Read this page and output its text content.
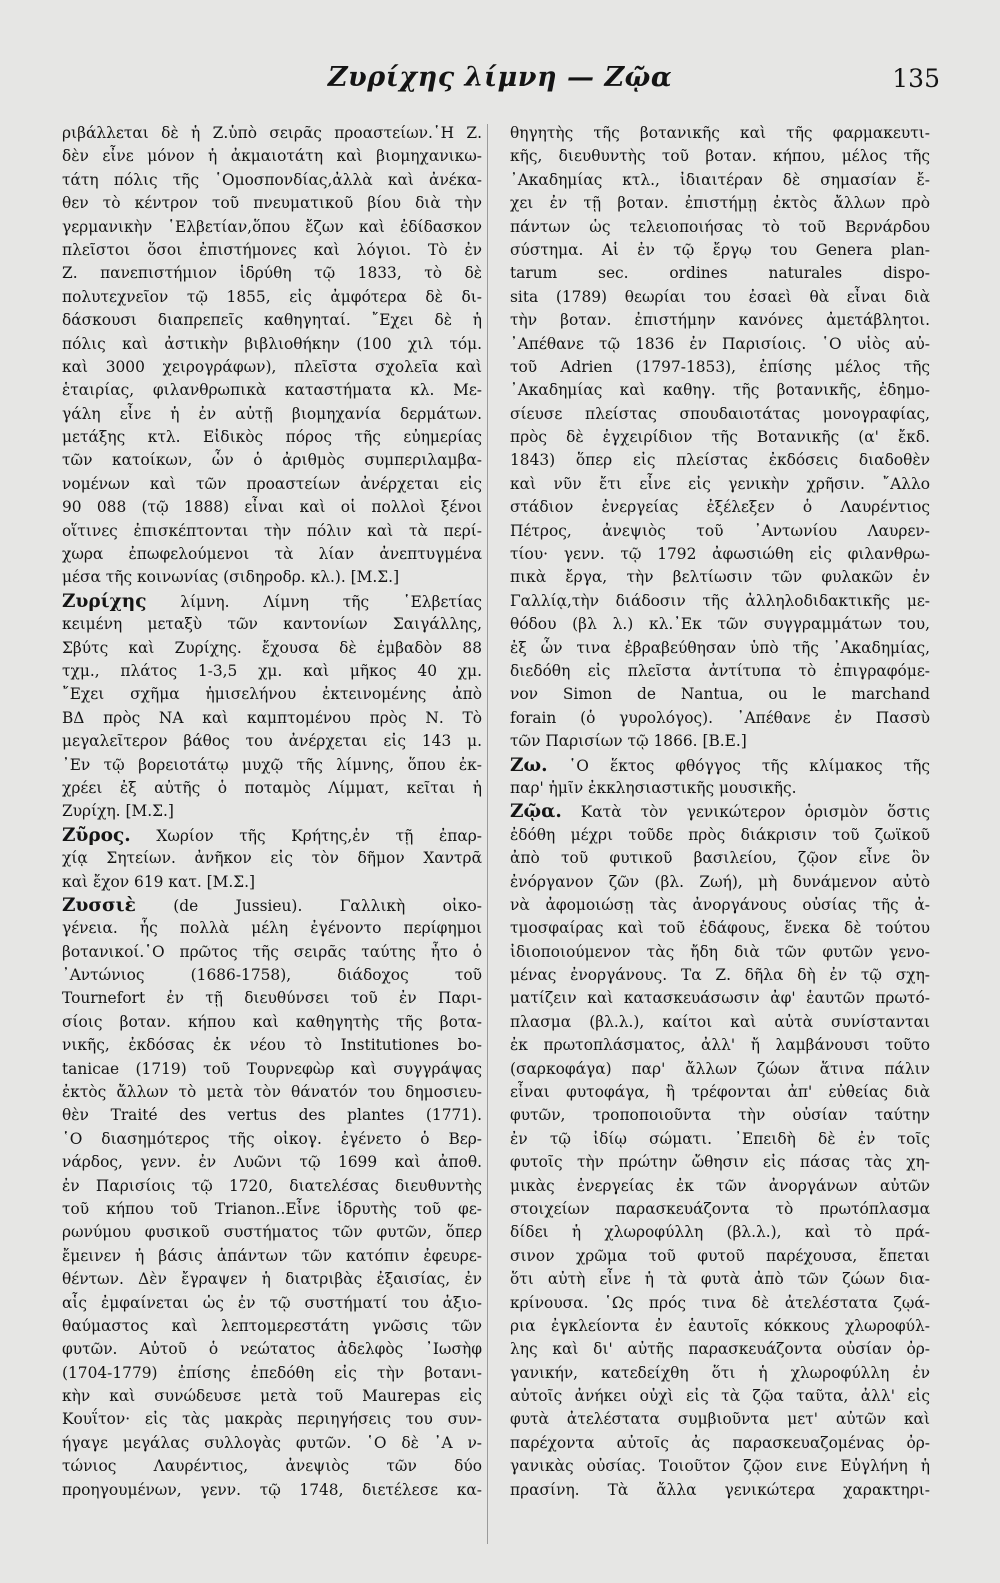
Ζυρίχης λίμνη — Ζῷα	135
ριβάλλεται δὲ ἡ Ζ.ὑπὸ σειρᾶς προαστείων.῾Η Ζ.
δὲν εἶνε μόνον ἡ ἀκμαιοτάτη καὶ βιομηχανικω-
τάτη πόλις τῆς ῾Ομοσπονδίας,ἀλλὰ καὶ ἀνέκα-
θεν τὸ κέντρον τοῦ πνευματικοῦ βίου διὰ τὴν
γερμανικὴν ῾Ελβετίαν,ὅπου ἔζων καὶ ἐδίδασκον
πλεῖστοι ὅσοι ἐπιστήμονες καὶ λόγιοι. Τὸ ἐν
Ζ. πανεπιστήμιον ἱδρύθη τῷ 1833, τὸ δὲ
πολυτεχνεῖον τῷ 1855, εἰς ἀμφότερα δὲ δι-
δάσκουσι διαπρεπεῖς καθηγηταί. ῎Εχει δὲ ἡ
πόλις καὶ ἀστικὴν βιβλιοθήκην (100 χιλ τόμ.
καὶ 3000 χειρογράφων), πλεῖστα σχολεῖα καὶ
ἑταιρίας, φιλανθρωπικὰ καταστήματα κλ. Με-
γάλη εἶνε ἡ ἐν αὐτῇ βιομηχανία δερμάτων.
μετάξης κτλ. Εἰδικὸς πόρος τῆς εὐημερίας
τῶν κατοίκων, ὧν ὁ ἀριθμὸς συμπεριλαμβα-
νομένων καὶ τῶν προαστείων ἀνέρχεται εἰς
90 088 (τῷ 1888) εἶναι καὶ οἱ πολλοὶ ξένοι
οἵτινες ἐπισκέπτονται τὴν πόλιν καὶ τὰ περί-
χωρα ἐπωφελούμενοι τὰ λίαν ἀνεπτυγμένα
μέσα τῆς κοινωνίας (σιδηροδρ. κλ.). [Μ.Σ.]
Ζυρίχης λίμνη. Λίμνη τῆς ῾Ελβετίας
κειμένη μεταξὺ τῶν καντονίων Σαιγάλλης,
Σβύτς καὶ Ζυρίχης. ἔχουσα δὲ ἐμβαδὸν 88
τχμ., πλάτος 1-3,5 χμ. καὶ μῆκος 40 χμ.
῎Εχει σχῆμα ἡμισελήνου ἐκτεινομένης ἀπὸ
ΒΔ πρὸς ΝΑ καὶ καμπτομένου πρὸς Ν. Τὸ
μεγαλεῖτερον βάθος του ἀνέρχεται εἰς 143 μ.
᾿Εν τῷ βορειοτάτῳ μυχῷ τῆς λίμνης, ὅπου ἐκ-
χρέει ἐξ αὐτῆς ὁ ποταμὸς Λίμματ, κεῖται ἡ
Ζυρίχη. [Μ.Σ.]
Ζῦρος. Χωρίον τῆς Κρήτης,ἐν τῇ ἐπαρ-
χίᾳ Σητείων. ἀνῆκον εἰς τὸν δῆμον Χαντρᾶ
καὶ ἔχον 619 κατ. [Μ.Σ.]
Ζυσσιὲ (de Jussieu). Γαλλικὴ οἰκο-
γένεια. ἧς πολλὰ μέλη ἐγένοντο περίφημοι
βοτανικοί.῾Ο πρῶτος τῆς σειρᾶς ταύτης ἦτο ὁ
᾿Αντώνιος (1686-1758), διάδοχος τοῦ
Tournefort ἐν τῇ διευθύνσει τοῦ ἐν Παρι-
σίοις βοταν. κήπου καὶ καθηγητὴς τῆς βοτα-
νικῆς, ἐκδόσας ἐκ νέου τὸ Institutiones bo-
tanicae (1719) τοῦ Τουρνεφὼρ καὶ συγγράψας
ἐκτὸς ἄλλων τὸ μετὰ τὸν θάνατόν του δημοσιευ-
θὲν Traité des vertus des plantes (1771).
῾Ο διασημότερος τῆς οἰκογ. ἐγένετο ὁ Βερ-
νάρδος, γενν. ἐν Λυῶνι τῷ 1699 καὶ ἀποθ.
ἐν Παρισίοις τῷ 1720, διατελέσας διευθυντὴς
τοῦ κήπου τοῦ Trianon..Εἶνε ἱδρυτὴς τοῦ φε-
ρωνύμου φυσικοῦ συστήματος τῶν φυτῶν, ὅπερ
ἔμεινεν ἡ βάσις ἁπάντων τῶν κατόπιν ἐφευρε-
θέντων. Δὲν ἔγραψεν ἡ διατριβὰς ἐξαισίας, ἐν
αἷς ἐμφαίνεται ὡς ἐν τῷ συστήματί του ἀξιο-
θαύμαστος καὶ λεπτομερεστάτη γνῶσις τῶν
φυτῶν. Αὐτοῦ ὁ νεώτατος ἀδελφὸς ᾿Ιωσὴφ
(1704-1779) ἐπίσης ἐπεδόθη εἰς τὴν βοτανι-
κὴν καὶ συνώδευσε μετὰ τοῦ Maurepas εἰς
Κουΐτον· εἰς τὰς μακρὰς περιηγήσεις του συν-
ήγαγε μεγάλας συλλογὰς φυτῶν. ῾Ο δὲ ᾿Α ν-
τώνιος Λαυρέντιος, ἀνεψιὸς τῶν δύο
προηγουμένων, γενν. τῷ 1748, διετέλεσε κα-
θηγητὴς τῆς βοτανικῆς καὶ τῆς φαρμακευτι-
κῆς, διευθυντὴς τοῦ βοταν. κήπου, μέλος τῆς
᾿Ακαδημίας κτλ., ἰδιαιτέραν δὲ σημασίαν ἔ-
χει ἐν τῇ βοταν. ἐπιστήμῃ ἐκτὸς ἄλλων πρὸ
πάντων ὡς τελειοποιήσας τὸ τοῦ Βερνάρδου
σύστημα. Αἱ ἐν τῷ ἔργῳ του Genera plan-
tarum sec. ordines naturales dispo-
sita (1789) θεωρίαι του ἐσαεὶ θὰ εἶναι διὰ
τὴν βοταν. ἐπιστήμην κανόνες ἀμετάβλητοι.
᾿Απέθανε τῷ 1836 ἐν Παρισίοις. ῾Ο υἱὸς αὐ-
τοῦ Adrien (1797-1853), ἐπίσης μέλος τῆς
᾿Ακαδημίας καὶ καθηγ. τῆς βοτανικῆς, ἐδημο-
σίευσε πλείστας σπουδαιοτάτας μονογραφίας,
πρὸς δὲ ἐγχειρίδιον τῆς Βοτανικῆς (α' ἔκδ.
1843) ὅπερ εἰς πλείστας ἐκδόσεις διαδοθὲν
καὶ νῦν ἔτι εἶνε εἰς γενικὴν χρῆσιν. ῎Αλλο
στάδιον ἐνεργείας ἐξέλεξεν ὁ Λαυρέντιος
Πέτρος, ἀνεψιὸς τοῦ ᾿Αντωνίου Λαυρεν-
τίου· γενν. τῷ 1792 ἀφωσιώθη εἰς φιλανθρω-
πικὰ ἔργα, τὴν βελτίωσιν τῶν φυλακῶν ἐν
Γαλλίᾳ,τὴν διάδοσιν τῆς ἀλληλοδιδακτικῆς με-
θόδου (βλ λ.) κλ.᾿Εκ τῶν συγγραμμάτων του,
ἐξ ὧν τινα ἐβραβεύθησαν ὑπὸ τῆς ᾿Ακαδημίας,
διεδόθη εἰς πλεῖστα ἀντίτυπα τὸ ἐπιγραφόμε-
νον Simon de Nantua, ou le marchand
forain (ὁ γυρολόγος). ᾿Απέθανε ἐν Πασσὺ
τῶν Παρισίων τῷ 1866. [Β.Ε.]
Ζω. ῾Ο ἕκτος φθόγγος τῆς κλίμακος τῆς
παρ' ἡμῖν ἐκκλησιαστικῆς μουσικῆς.
Ζῷα. Κατὰ τὸν γενικώτερον ὁρισμὸν ὅστις
ἐδόθη μέχρι τοῦδε πρὸς διάκρισιν τοῦ ζωϊκοῦ
ἀπὸ τοῦ φυτικοῦ βασιλείου, ζῷον εἶνε ὃν
ἐνόργανον ζῶν (βλ. Ζωή), μὴ δυνάμενον αὐτὸ
νὰ ἀφομοιώσῃ τὰς ἀνοργάνους οὐσίας τῆς ἀ-
τμοσφαίρας καὶ τοῦ ἐδάφους, ἕνεκα δὲ τούτου
ἰδιοποιούμενον τὰς ἤδη διὰ τῶν φυτῶν γενο-
μένας ἐνοργάνους. Τα Ζ. δῆλα δὴ ἐν τῷ σχη-
ματίζειν καὶ κατασκευάσωσιν ἀφ' ἑαυτῶν πρωτό-
πλασμα (βλ.λ.), καίτοι καὶ αὐτὰ συνίστανται
ἐκ πρωτοπλάσματος, ἀλλ' ἤ λαμβάνουσι τοῦτο
(σαρκοφάγα) παρ' ἄλλων ζώων ἅτινα πάλιν
εἶναι φυτοφάγα, ἢ τρέφονται ἀπ' εὐθείας διὰ
φυτῶν, τροποποιοῦντα τὴν οὐσίαν ταύτην
ἐν τῷ ἰδίῳ σώματι. ᾿Επειδὴ δὲ ἐν τοῖς
φυτοῖς τὴν πρώτην ὤθησιν εἰς πάσας τὰς χη-
μικὰς ἐνεργείας ἐκ τῶν ἀνοργάνων αὐτῶν
στοιχείων παρασκευάζοντα τὸ πρωτόπλασμα
δίδει ἡ χλωροφύλλη (βλ.λ.), καὶ τὸ πρά-
σινον χρῶμα τοῦ φυτοῦ παρέχουσα, ἔπεται
ὅτι αὐτὴ εἶνε ἡ τὰ φυτὰ ἀπὸ τῶν ζώων δια-
κρίνουσα. ῾Ως πρός τινα δὲ ἀτελέστατα ζῳά-
ρια ἐγκλείοντα ἐν ἑαυτοῖς κόκκους χλωροφύλ-
λης καὶ δι' αὐτῆς παρασκευάζοντα οὐσίαν ὀρ-
γανικήν, κατεδείχθη ὅτι ἡ χλωροφύλλη ἐν
αὐτοῖς ἀνήκει οὐχὶ εἰς τὰ ζῷα ταῦτα, ἀλλ' εἰς
φυτὰ ἀτελέστατα συμβιοῦντα μετ' αὐτῶν καὶ
παρέχοντα αὐτοῖς ἀς παρασκευαζομένας ὀρ-
γανικὰς οὐσίας. Τοιοῦτον ζῷον εινε Εὐγλήνη ἡ
πρασίνη. Τὰ ἄλλα γενικώτερα χαρακτηρι-
